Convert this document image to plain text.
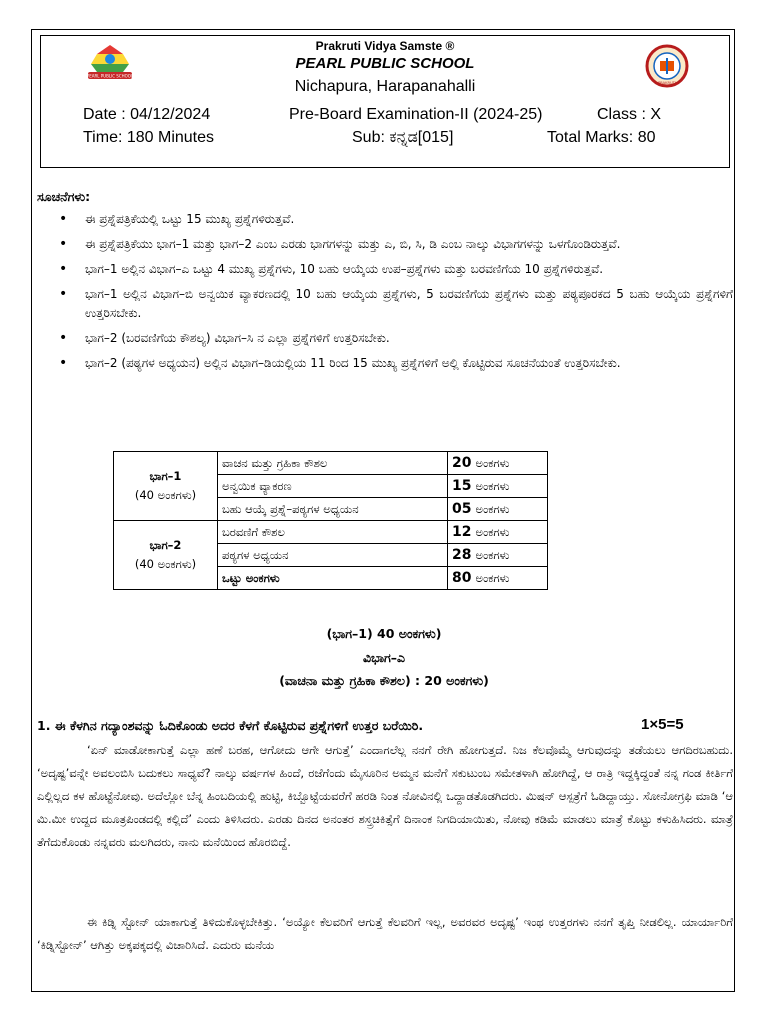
PEARL PUBLIC SCHOOL
Prakruti Vidya Samste ®
PEARL PUBLIC SCHOOL
Nichapura, Harapanahalli	PRAKRUTI
Date : 04/12/2024	Pre-Board Examination-II (2024-25)	Class : X
Time: 180 Minutes	Sub: ಕನ್ನಡ[015]	Total Marks: 80
ಸೂಚನೆಗಳು:
• ಈ ಪ್ರಶ್ನೆಪತ್ರಿಕೆಯಲ್ಲಿ ಒಟ್ಟು 15 ಮುಖ್ಯ ಪ್ರಶ್ನೆಗಳಿರುತ್ತವೆ.
• ಈ ಪ್ರಶ್ನೆಪತ್ರಿಕೆಯು ಭಾಗ–1 ಮತ್ತು ಭಾಗ–2 ಎಂಬ ಎರಡು ಭಾಗಗಳನ್ನು ಮತ್ತು ಎ, ಬಿ, ಸಿ, ಡಿ ಎಂಬ ನಾಲ್ಕು ವಿಭಾಗಗಳನ್ನು ಒಳಗೊಂಡಿರುತ್ತವೆ.
• ಭಾಗ–1 ಅಲ್ಲಿನ ವಿಭಾಗ–ಎ ಒಟ್ಟು 4 ಮುಖ್ಯ ಪ್ರಶ್ನೆಗಳು, 10 ಬಹು ಆಯ್ಕೆಯ ಉಪ–ಪ್ರಶ್ನೆಗಳು ಮತ್ತು ಬರವಣಿಗೆಯ 10 ಪ್ರಶ್ನೆಗಳಿರುತ್ತವೆ.
• ಭಾಗ–1 ಅಲ್ಲಿನ ವಿಭಾಗ–ಬಿ ಅನ್ವಯಿಕ ವ್ಯಾಕರಣದಲ್ಲಿ 10 ಬಹು ಆಯ್ಕೆಯ ಪ್ರಶ್ನೆಗಳು, 5 ಬರವಣಿಗೆಯ ಪ್ರಶ್ನೆಗಳು ಮತ್ತು ಪಠ್ಯಪೂರಕದ 5 ಬಹು ಆಯ್ಕೆಯ ಪ್ರಶ್ನೆಗಳಿಗೆ ಉತ್ತರಿಸಬೇಕು.
• ಭಾಗ–2 (ಬರವಣಿಗೆಯ ಕೌಶಲ್ಯ) ವಿಭಾಗ–ಸಿ ನ ಎಲ್ಲಾ ಪ್ರಶ್ನೆಗಳಿಗೆ ಉತ್ತರಿಸಬೇಕು.
• ಭಾಗ–2 (ಪಠ್ಯಗಳ ಅಧ್ಯಯನ) ಅಲ್ಲಿನ ವಿಭಾಗ–ಡಿಯಲ್ಲಿಯ 11 ರಿಂದ 15 ಮುಖ್ಯ ಪ್ರಶ್ನೆಗಳಿಗೆ ಅಲ್ಲಿ ಕೊಟ್ಟಿರುವ ಸೂಚನೆಯಂತೆ ಉತ್ತರಿಸಬೇಕು.
ಭಾಗ–1
(40 ಅಂಕಗಳು)	ವಾಚನ ಮತ್ತು ಗ್ರಹಿಕಾ ಕೌಶಲ	20 ಅಂಕಗಳು
	ಅನ್ವಯಿಕ ವ್ಯಾಕರಣ	15 ಅಂಕಗಳು
	ಬಹು ಆಯ್ಕೆ ಪ್ರಶ್ನೆ–ಪಠ್ಯಗಳ ಅಧ್ಯಯನ	05 ಅಂಕಗಳು
ಭಾಗ–2
(40 ಅಂಕಗಳು)	ಬರವಣಿಗೆ ಕೌಶಲ	12 ಅಂಕಗಳು
	ಪಠ್ಯಗಳ ಅಧ್ಯಯನ	28 ಅಂಕಗಳು
	ಒಟ್ಟು ಅಂಕಗಳು	80 ಅಂಕಗಳು
(ಭಾಗ–1) 40 ಅಂಕಗಳು)
ವಿಭಾಗ–ಎ
(ವಾಚನಾ ಮತ್ತು ಗ್ರಹಿಕಾ ಕೌಶಲ) : 20 ಅಂಕಗಳು)
1. ಈ ಕೆಳಗಿನ ಗದ್ಯಾಂಶವನ್ನು ಓದಿಕೊಂಡು ಅದರ ಕೆಳಗೆ ಕೊಟ್ಟಿರುವ ಪ್ರಶ್ನೆಗಳಿಗೆ ಉತ್ತರ ಬರೆಯಿರಿ.	1×5=5
‘ಏನ್ ಮಾಡೋಕಾಗುತ್ತೆ ಎಲ್ಲಾ ಹಣೆ ಬರಹ, ಆಗೋದು ಆಗೇ ಆಗುತ್ತೆ’ ಎಂದಾಗಲೆಲ್ಲ ನನಗೆ ರೇಗಿ ಹೋಗುತ್ತದೆ. ನಿಜ ಕೆಲವೊಮ್ಮೆ ಆಗುವುದನ್ನು ತಡೆಯಲು ಆಗದಿರಬಹುದು. ‘ಅದೃಷ್ಟ’ವನ್ನೇ ಅವಲಂಬಿಸಿ ಬದುಕಲು ಸಾಧ್ಯವೆ? ನಾಲ್ಕು ವರ್ಷಗಳ ಹಿಂದೆ, ರಜೆಗೆಂದು ಮೈಸೂರಿನ ಅಮ್ಮನ ಮನೆಗೆ ಸಕುಟುಂಬ ಸಮೇತಳಾಗಿ ಹೋಗಿದ್ದೆ, ಆ ರಾತ್ರಿ ಇದ್ದಕ್ಕಿದ್ದಂತೆ ನನ್ನ ಗಂಡ ಕೀರ್ತಿಗೆ ಎಲ್ಲಿಲ್ಲದ ಕಳ ಹೊಟ್ಟೆನೋವು. ಅದೆಲ್ಲೋ ಬೆನ್ನ ಹಿಂಬದಿಯಲ್ಲಿ ಹುಟ್ಟಿ, ಕಿಬ್ಬೊಟ್ಟೆಯವರೆಗೆ ಹರಡಿ ನಿಂತ ನೋವಿನಲ್ಲಿ ಒದ್ದಾಡತೊಡಗಿದರು. ಮಿಷನ್ ಆಸ್ಪತ್ರೆಗೆ ಓಡಿದ್ದಾಯ್ತು. ಸೋನೋಗ್ರಫಿ ಮಾಡಿ ‘ಆ ಮಿ.ಮೀ ಉದ್ದದ ಮೂತ್ರಪಿಂಡದಲ್ಲಿ ಕಲ್ಲಿದೆ’ ಎಂದು ತಿಳಿಸಿದರು. ಎರಡು ದಿನದ ಅನಂತರ ಶಸ್ತ್ರಚಿಕಿತ್ಸೆಗೆ ದಿನಾಂಕ ನಿಗದಿಯಾಯಿತು, ನೋವು ಕಡಿಮೆ ಮಾಡಲು ಮಾತ್ರೆ ಕೊಟ್ಟು ಕಳುಹಿಸಿದರು. ಮಾತ್ರೆ ತೆಗೆದುಕೊಂಡು ನನ್ನವರು ಮಲಗಿದರು, ನಾನು ಮನೆಯಿಂದ ಹೊರಬಿದ್ದೆ.
ಈ ಕಿಡ್ನಿ ಸ್ಟೋನ್ ಯಾಕಾಗುತ್ತೆ ತಿಳಿದುಕೊಳ್ಳಬೇಕಿತ್ತು. ‘ಅಯ್ಯೋ ಕೆಲವರಿಗೆ ಆಗುತ್ತೆ ಕೆಲವರಿಗೆ ಇಲ್ಲ, ಅವರವರ ಅದೃಷ್ಟ’ ಇಂಥ ಉತ್ತರಗಳು ನನಗೆ ತೃಪ್ತಿ ನೀಡಲಿಲ್ಲ. ಯಾರ್ಯಾರಿಗೆ ‘ಕಿಡ್ನಿಸ್ಟೋನ್’ ಆಗಿತ್ತು ಅಕ್ಕಪಕ್ಕದಲ್ಲಿ ವಿಚಾರಿಸಿದೆ. ಎದುರು ಮನೆಯ
